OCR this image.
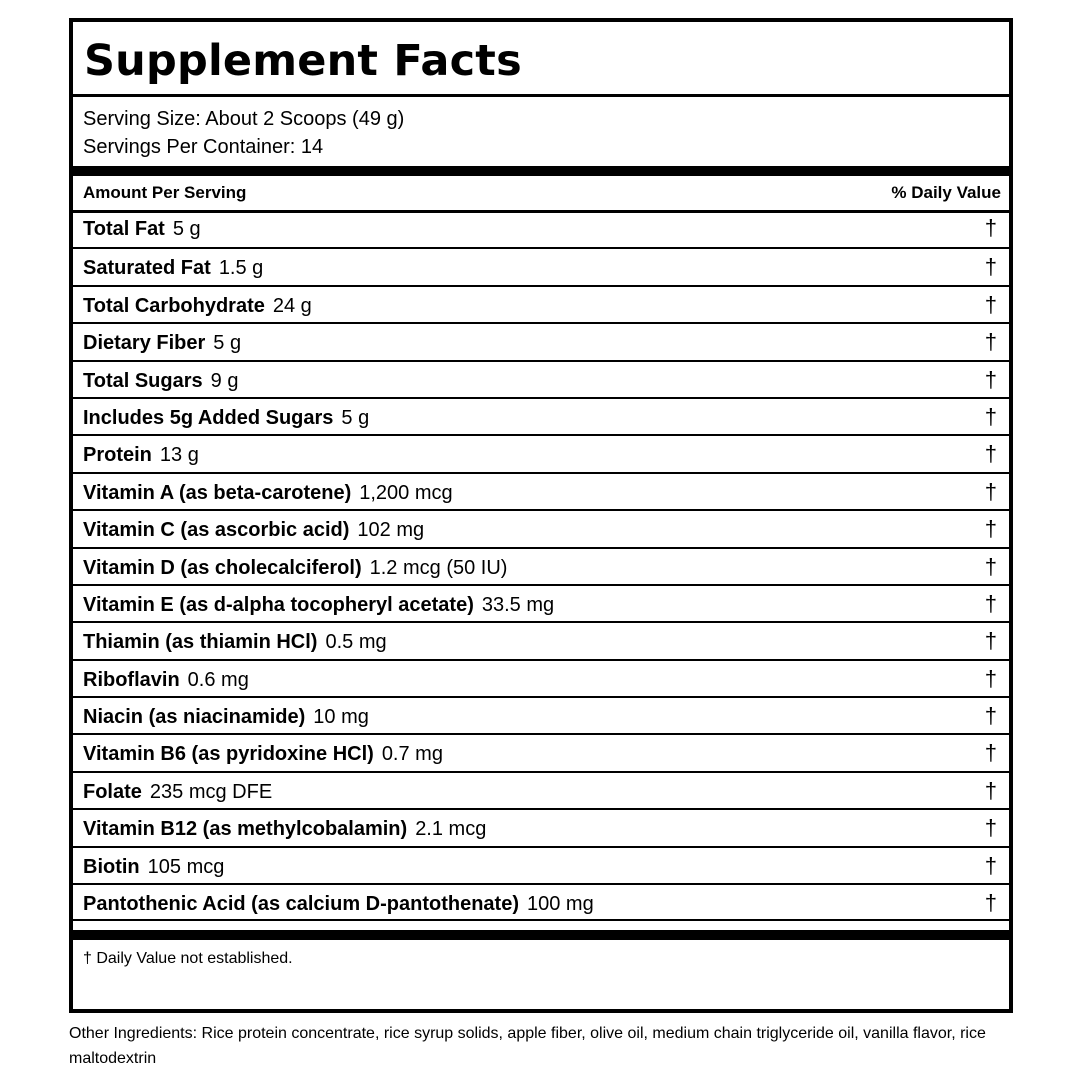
Supplement Facts
Serving Size: About 2 Scoops (49 g)
Servings Per Container: 14
Amount Per Serving	% Daily Value
Total Fat 5 g	†
Saturated Fat 1.5 g	†
Total Carbohydrate 24 g	†
Dietary Fiber 5 g	†
Total Sugars 9 g	†
Includes 5g Added Sugars 5 g	†
Protein 13 g	†
Vitamin A (as beta-carotene) 1,200 mcg	†
Vitamin C (as ascorbic acid) 102 mg	†
Vitamin D (as cholecalciferol) 1.2 mcg (50 IU)	†
Vitamin E (as d-alpha tocopheryl acetate) 33.5 mg	†
Thiamin (as thiamin HCl) 0.5 mg	†
Riboflavin 0.6 mg	†
Niacin (as niacinamide) 10 mg	†
Vitamin B6 (as pyridoxine HCl) 0.7 mg	†
Folate 235 mcg DFE	†
Vitamin B12 (as methylcobalamin) 2.1 mcg	†
Biotin 105 mcg	†
Pantothenic Acid (as calcium D-pantothenate) 100 mg	†
† Daily Value not established.
Other Ingredients: Rice protein concentrate, rice syrup solids, apple fiber, olive oil, medium chain triglyceride oil, vanilla flavor, rice maltodextrin
